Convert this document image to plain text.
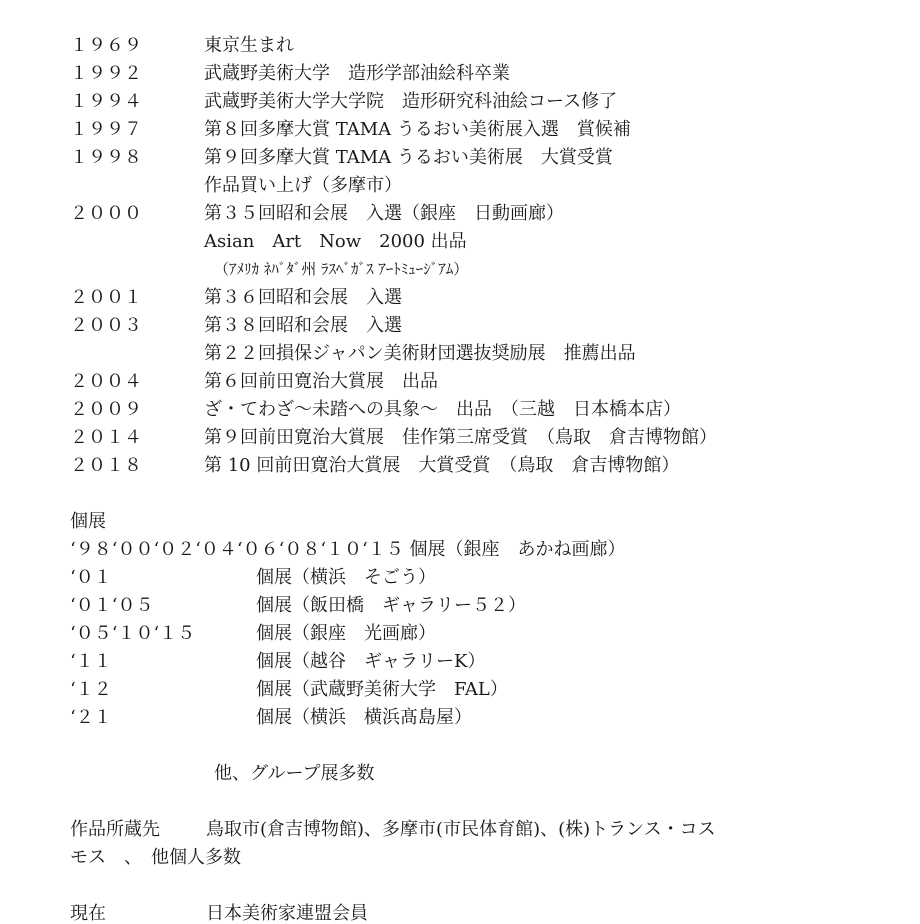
１９６９	東京生まれ
１９９２	武蔵野美術大学　造形学部油絵科卒業
１９９４	武蔵野美術大学大学院　造形研究科油絵コース修了
１９９７	第８回多摩大賞 TAMA うるおい美術展入選　賞候補
１９９８	第９回多摩大賞 TAMA うるおい美術展　大賞受賞
作品買い上げ（多摩市）
２０００	第３５回昭和会展　入選（銀座　日動画廊）
Asian　Art　Now　2000 出品
（ｱﾒﾘｶ ﾈﾊﾞﾀﾞ州 ﾗｽﾍﾞｶﾞｽ ｱｰﾄﾐｭｰｼﾞｱﾑ）
２００１	第３６回昭和会展　入選
２００３	第３８回昭和会展　入選
第２２回損保ジャパン美術財団選抜奨励展　推薦出品
２００４	第６回前田寛治大賞展　出品
２００９	ざ・てわざ～未踏への具象～　出品　（三越　日本橋本店）
２０１４	第９回前田寛治大賞展　佳作第三席受賞　（鳥取　倉吉博物館）
２０１８	第 10 回前田寛治大賞展　大賞受賞　（鳥取　倉吉博物館）
個展
‘９８‘００‘０２‘０４‘０６‘０８‘１０‘１５ 個展（銀座　あかね画廊）
‘０１	個展（横浜　そごう）
‘０１‘０５	個展（飯田橋　ギャラリー５２）
‘０５‘１０‘１５	個展（銀座　光画廊）
‘１１	個展（越谷　ギャラリーK）
‘１２	個展（武蔵野美術大学　FAL）
‘２１	個展（横浜　横浜髙島屋）
他、グループ展多数
作品所蔵先	鳥取市(倉吉博物館)、多摩市(市民体育館)、(株)トランス・コス
モス　、　他個人多数
現在	日本美術家連盟会員
